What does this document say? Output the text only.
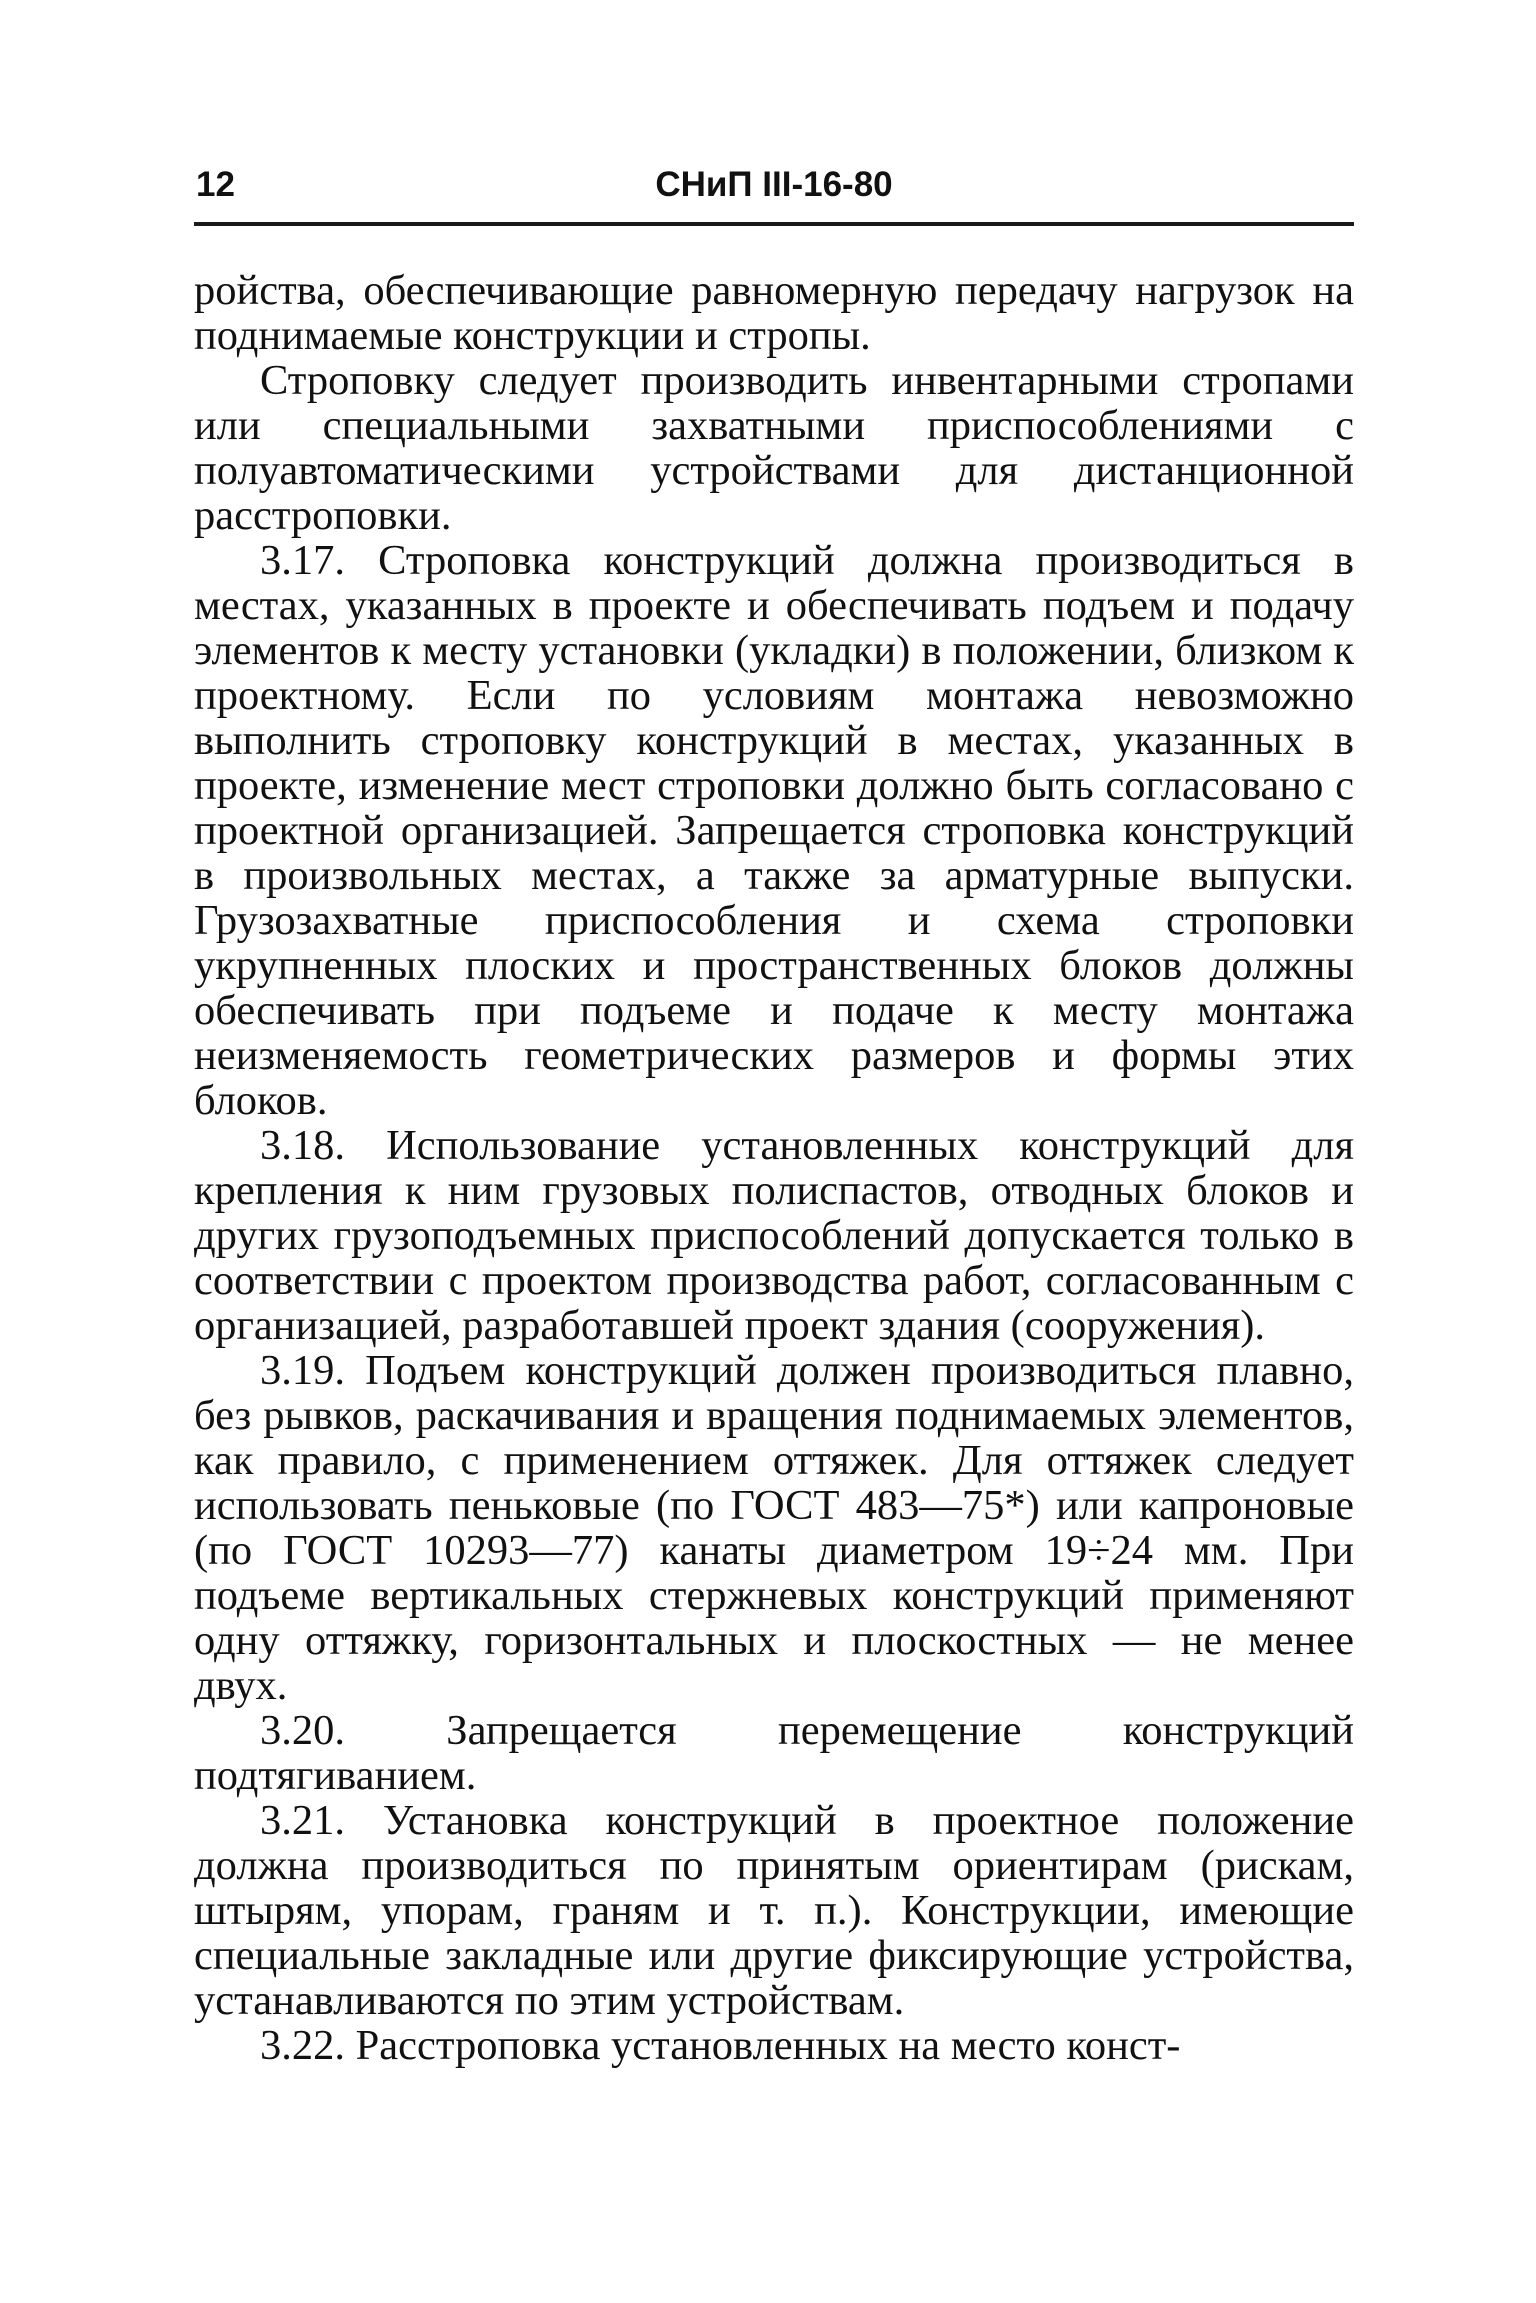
12	СНиП III-16-80

ройства, обеспечивающие равномерную передачу нагрузок на поднимаемые конструкции и стропы.

Строповку следует производить инвентарными стропами или специальными захватными приспособлениями с полуавтоматическими устройствами для дистанционной расстроповки.

3.17. Строповка конструкций должна производиться в местах, указанных в проекте и обеспечивать подъем и подачу элементов к месту установки (укладки) в положении, близком к проектному. Если по условиям монтажа невозможно выполнить строповку конструкций в местах, указанных в проекте, изменение мест строповки должно быть согласовано с проектной организацией. Запрещается строповка конструкций в произвольных местах, а также за арматурные выпуски. Грузозахватные приспособления и схема строповки укрупненных плоских и пространственных блоков должны обеспечивать при подъеме и подаче к месту монтажа неизменяемость геометрических размеров и формы этих блоков.

3.18. Использование установленных конструкций для крепления к ним грузовых полиспастов, отводных блоков и других грузоподъемных приспособлений допускается только в соответствии с проектом производства работ, согласованным с организацией, разработавшей проект здания (сооружения).

3.19. Подъем конструкций должен производиться плавно, без рывков, раскачивания и вращения поднимаемых элементов, как правило, с применением оттяжек. Для оттяжек следует использовать пеньковые (по ГОСТ 483—75*) или капроновые (по ГОСТ 10293—77) канаты диаметром 19÷24 мм. При подъеме вертикальных стержневых конструкций применяют одну оттяжку, горизонтальных и плоскостных — не менее двух.

3.20. Запрещается перемещение конструкций подтягиванием.

3.21. Установка конструкций в проектное положение должна производиться по принятым ориентирам (рискам, штырям, упорам, граням и т. п.). Конструкции, имеющие специальные закладные или другие фиксирующие устройства, устанавливаются по этим устройствам.

3.22. Расстроповка установленных на место конст-
